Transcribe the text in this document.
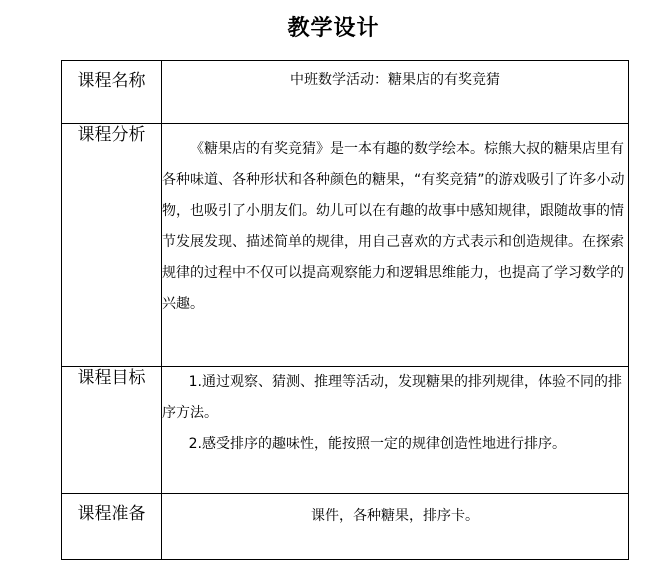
教学设计
课程名称	中班数学活动：糖果店的有奖竞猜
课程分析	《糖果店的有奖竞猜》是一本有趣的数学绘本。棕熊大叔的糖果店里有各种味道、各种形状和各种颜色的糖果，“有奖竞猜”的游戏吸引了许多小动物，也吸引了小朋友们。幼儿可以在有趣的故事中感知规律，跟随故事的情节发展发现、描述简单的规律，用自己喜欢的方式表示和创造规律。在探索规律的过程中不仅可以提高观察能力和逻辑思维能力，也提高了学习数学的兴趣。

课程目标	1.通过观察、猜测、推理等活动，发现糖果的排列规律，体验不同的排序方法。

2.感受排序的趣味性，能按照一定的规律创造性地进行排序。

课程准备	课件，各种糖果，排序卡。
